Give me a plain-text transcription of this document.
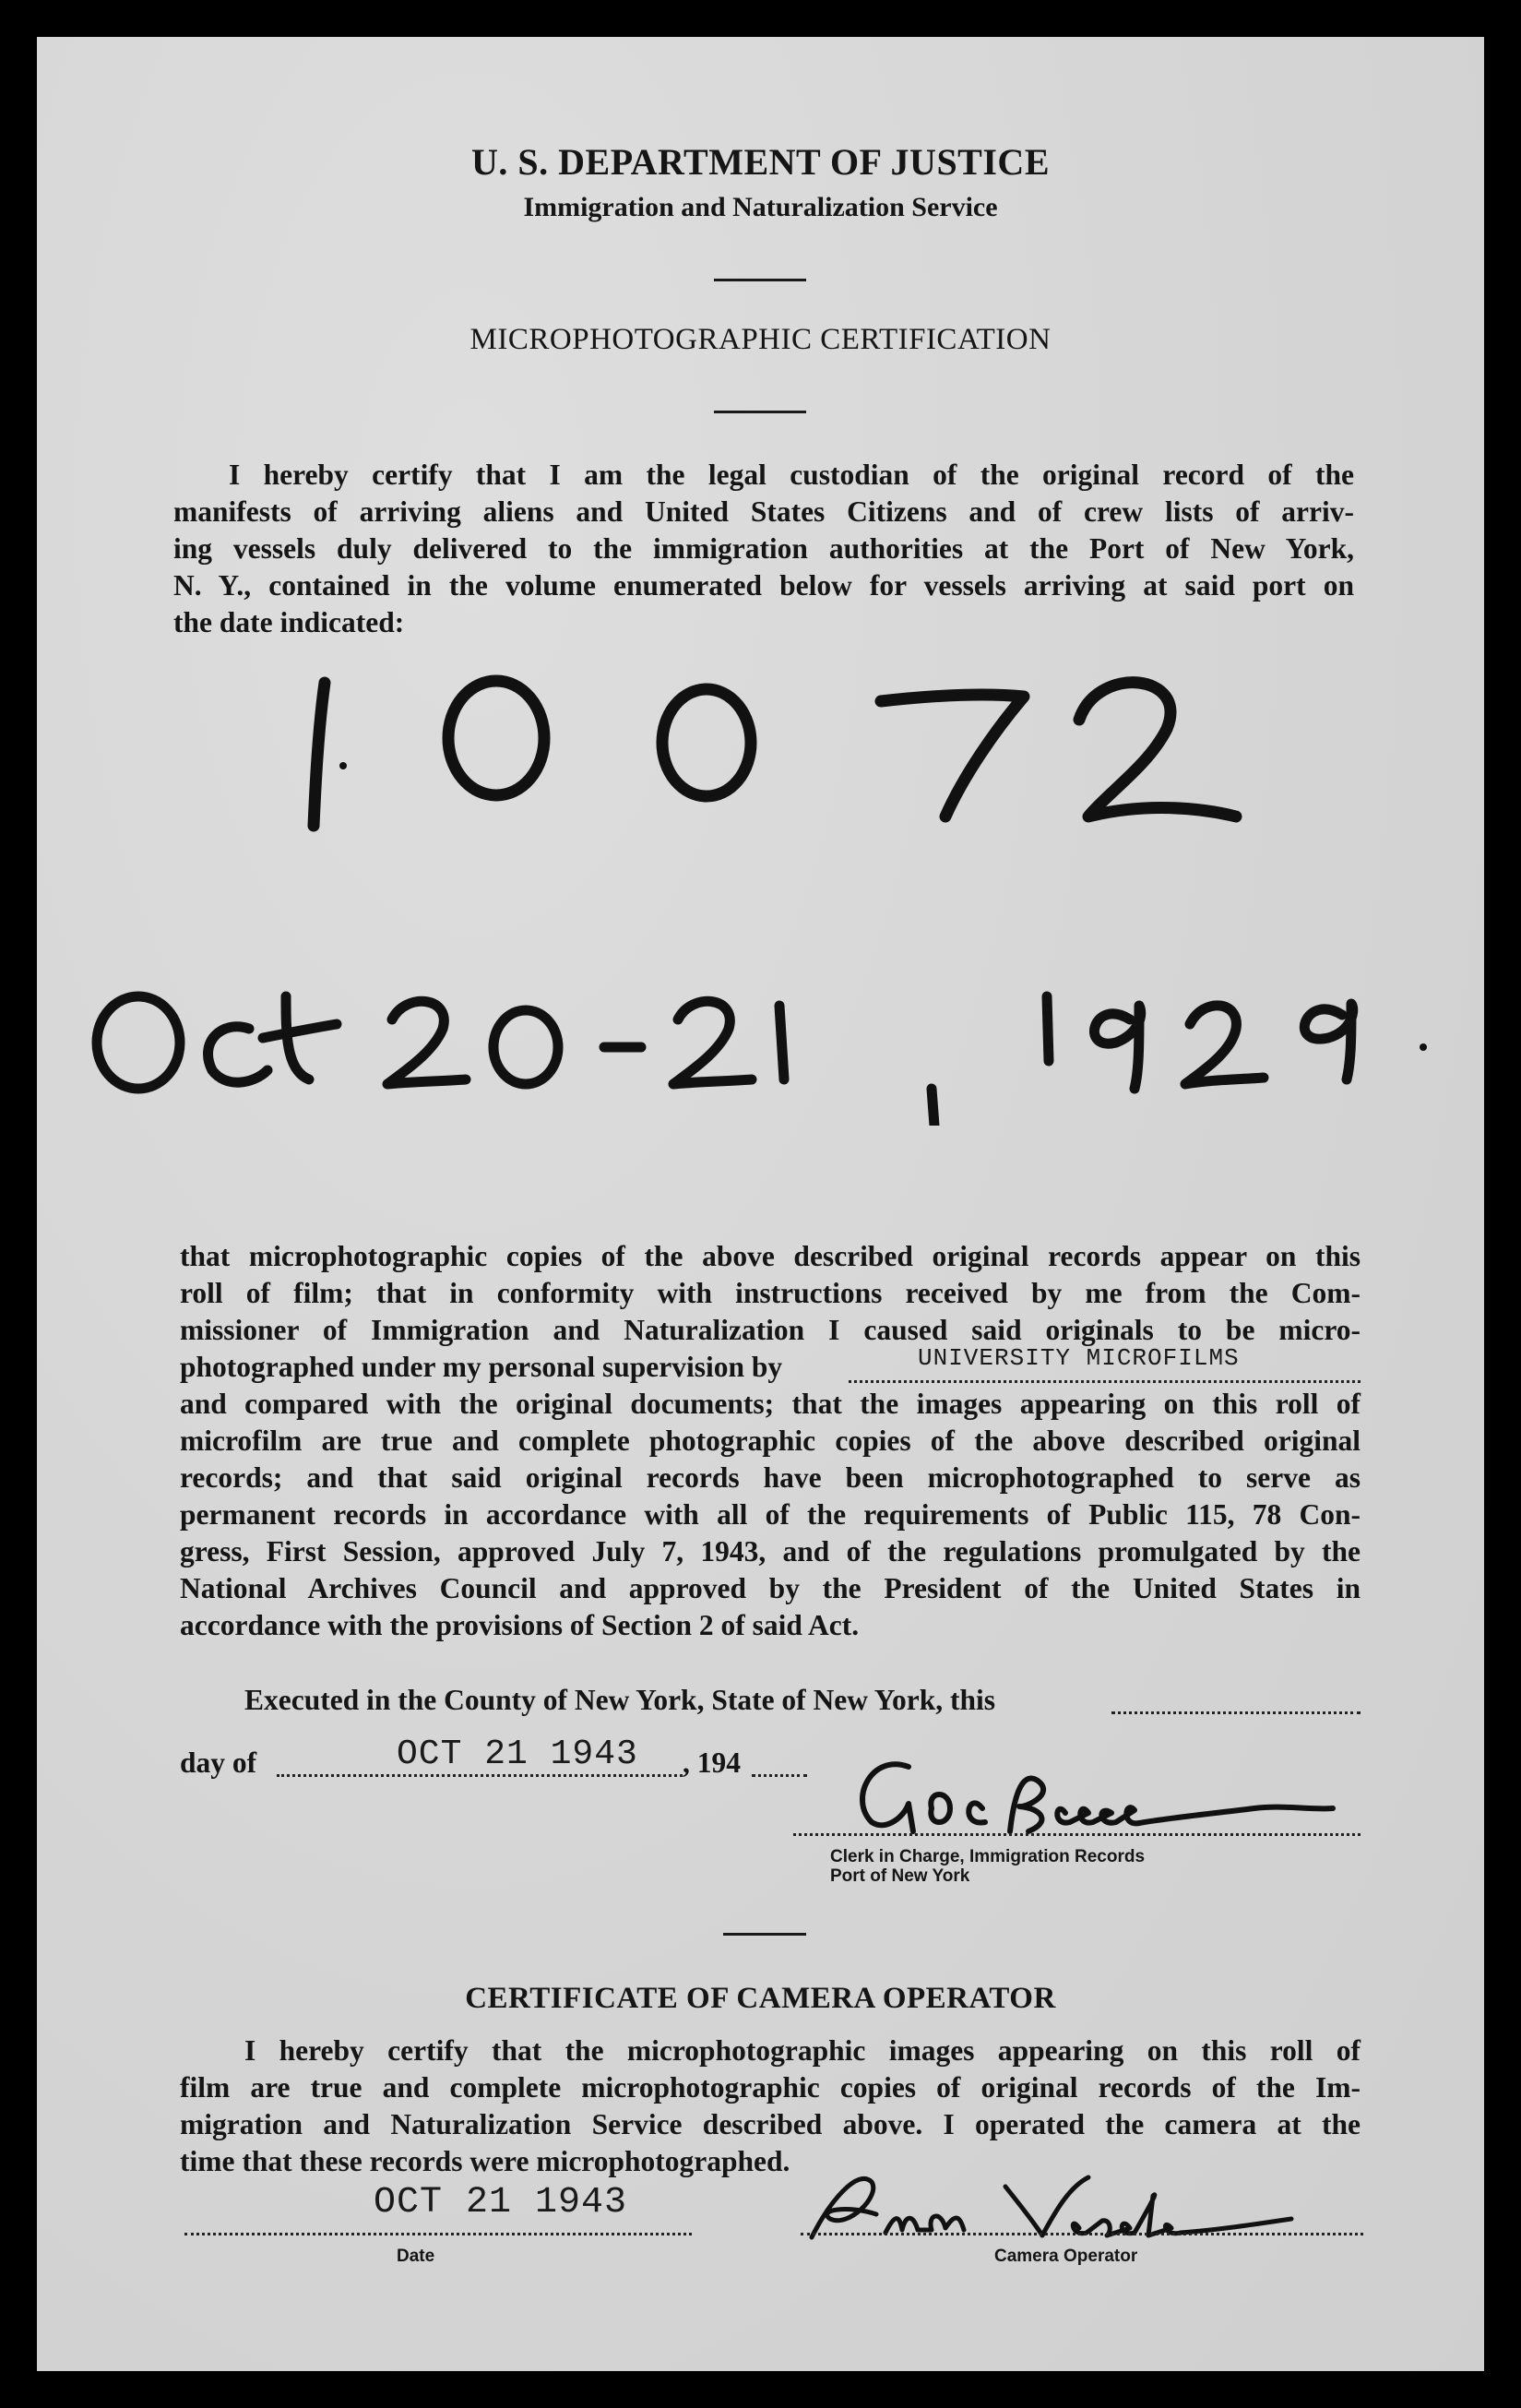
U. S. DEPARTMENT OF JUSTICE
Immigration and Naturalization Service
MICROPHOTOGRAPHIC CERTIFICATION
I hereby certify that I am the legal custodian of the original record of the
manifests of arriving aliens and United States Citizens and of crew lists of arriv-
ing vessels duly delivered to the immigration authorities at the Port of New York,
N. Y., contained in the volume enumerated below for vessels arriving at said port on
the date indicated:
that microphotographic copies of the above described original records appear on this
roll of film; that in conformity with instructions received by me from the Com-
missioner of Immigration and Naturalization I caused said originals to be micro-
photographed under my personal supervision by	UNIVERSITY MICROFILMS
and compared with the original documents; that the images appearing on this roll of
microfilm are true and complete photographic copies of the above described original
records; and that said original records have been microphotographed to serve as
permanent records in accordance with all of the requirements of Public 115, 78 Con-
gress, First Session, approved July 7, 1943, and of the regulations promulgated by the
National Archives Council and approved by the President of the United States in
accordance with the provisions of Section 2 of said Act.
Executed in the County of New York, State of New York, this
day of	OCT 21 1943 , 194
Clerk in Charge, Immigration Records
Port of New York
CERTIFICATE OF CAMERA OPERATOR
I hereby certify that the microphotographic images appearing on this roll of
film are true and complete microphotographic copies of original records of the Im-
migration and Naturalization Service described above. I operated the camera at the
time that these records were microphotographed.
OCT 21 1943
Date	Camera Operator
